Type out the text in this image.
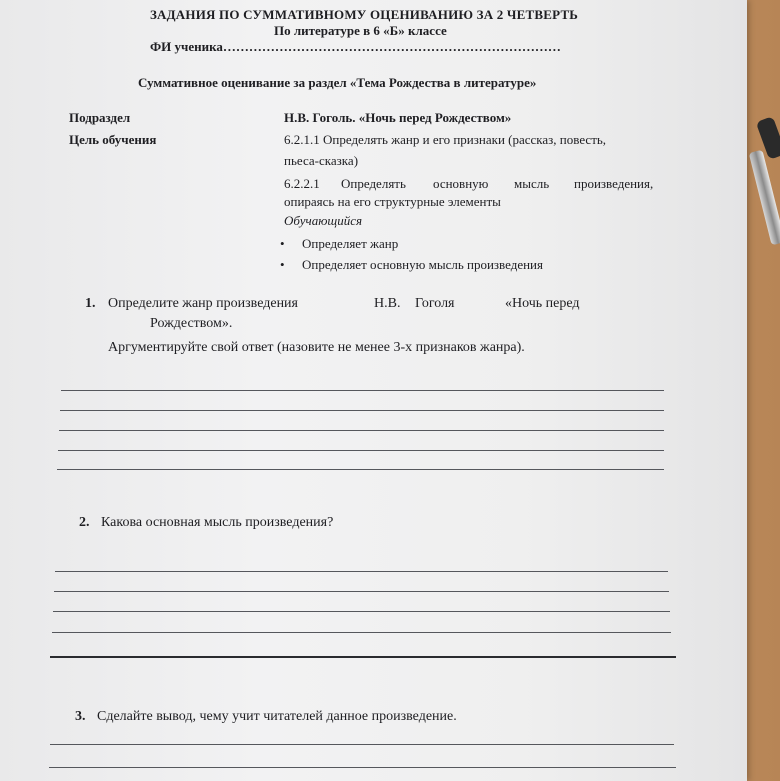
ЗАДАНИЯ ПО СУММАТИВНОМУ ОЦЕНИВАНИЮ ЗА 2 ЧЕТВЕРТЬ
По литературе в 6 «Б» классе
ФИ ученика……………………………………………………………………
Суммативное оценивание за раздел «Тема Рождества в литературе»
Подраздел	Н.В. Гоголь. «Ночь перед Рождеством»
Цель обучения	6.2.1.1 Определять жанр и его признаки (рассказ, повесть,
пьеса-сказка)
6.2.2.1 Определять основную мысль произведения,
опираясь на его структурные элементы
Обучающийся
• Определяет жанр
• Определяет основную мысль произведения
1. Определите жанр произведения	Н.В. Гоголя	«Ночь перед
Рождеством».
Аргументируйте свой ответ (назовите не менее 3-х признаков жанра).
2. Какова основная мысль произведения?
3. Сделайте вывод, чему учит читателей данное произведение.
